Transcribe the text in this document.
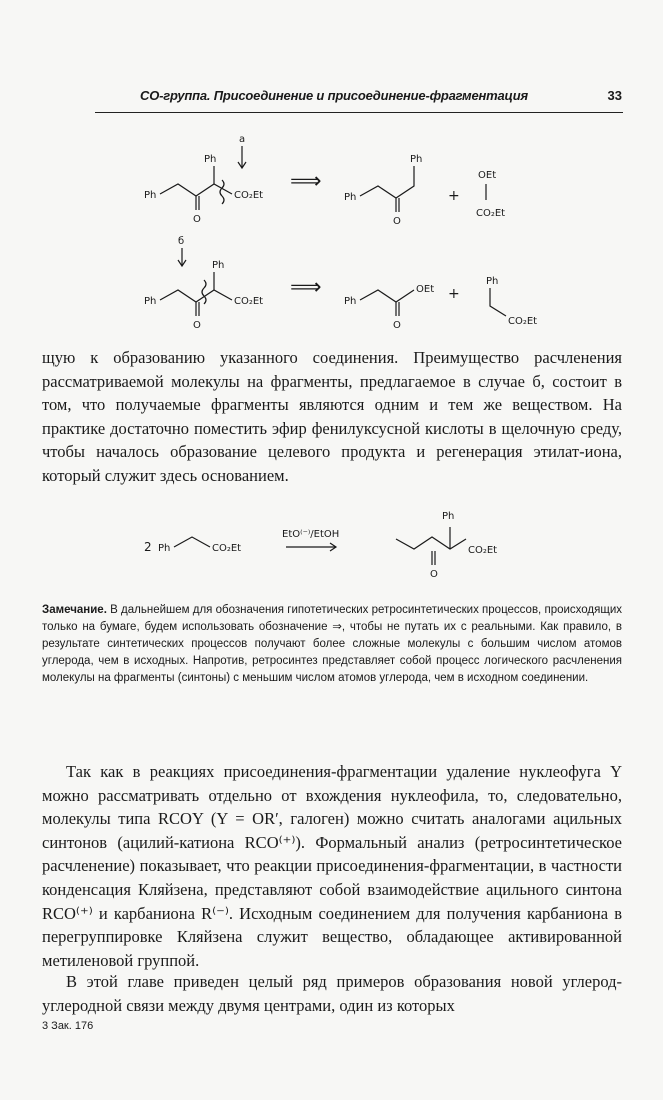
CO-группа. Присоединение и присоединение-фрагментация	33
Ph
O
Ph
CO₂Et
a
⟹
Ph
O
Ph
+
OEt
CO₂Et
б
Ph
O
Ph
CO₂Et
⟹
Ph
O
OEt +
Ph
CO₂Et

щую к образованию указанного соединения. Преимущество расчленения рассматриваемой молекулы на фрагменты, предлагаемое в случае б, состоит в том, что получаемые фрагменты являются одним и тем же веществом. На практике достаточно поместить эфир фенилуксусной кислоты в щелочную среду, чтобы началось образование целевого продукта и регенерация этилат-иона, который служит здесь основанием.

2 Ph	CO₂Et
EtO⁽⁻⁾/EtOH
O
Ph
CO₂Et
Замечание. В дальнейшем для обозначения гипотетических ретросинтетических процессов, происходящих только на бумаге, будем использовать обозначение ⇒, чтобы не путать их с реальными. Как правило, в результате синтетических процессов получают более сложные молекулы с большим числом атомов углерода, чем в исходных. Напротив, ретросинтез представляет собой процесс логического расчленения молекулы на фрагменты (синтоны) с меньшим числом атомов углерода, чем в исходном соединении.

Так как в реакциях присоединения-фрагментации удаление нуклеофуга Y можно рассматривать отдельно от вхождения нуклеофила, то, следовательно, молекулы типа RCOY (Y = OR′, галоген) можно считать аналогами ацильных синтонов (ацилий-катиона RCO⁽⁺⁾). Формальный анализ (ретросинтетическое расчленение) показывает, что реакции присоединения-фрагментации, в частности конденсация Кляйзена, представляют собой взаимодействие ацильного синтона RCO⁽⁺⁾ и карбаниона R⁽⁻⁾. Исходным соединением для получения карбаниона в перегруппировке Кляйзена служит вещество, обладающее активированной метиленовой группой.

В этой главе приведен целый ряд примеров образования новой углерод-углеродной связи между двумя центрами, один из которых

3 Зак. 176
